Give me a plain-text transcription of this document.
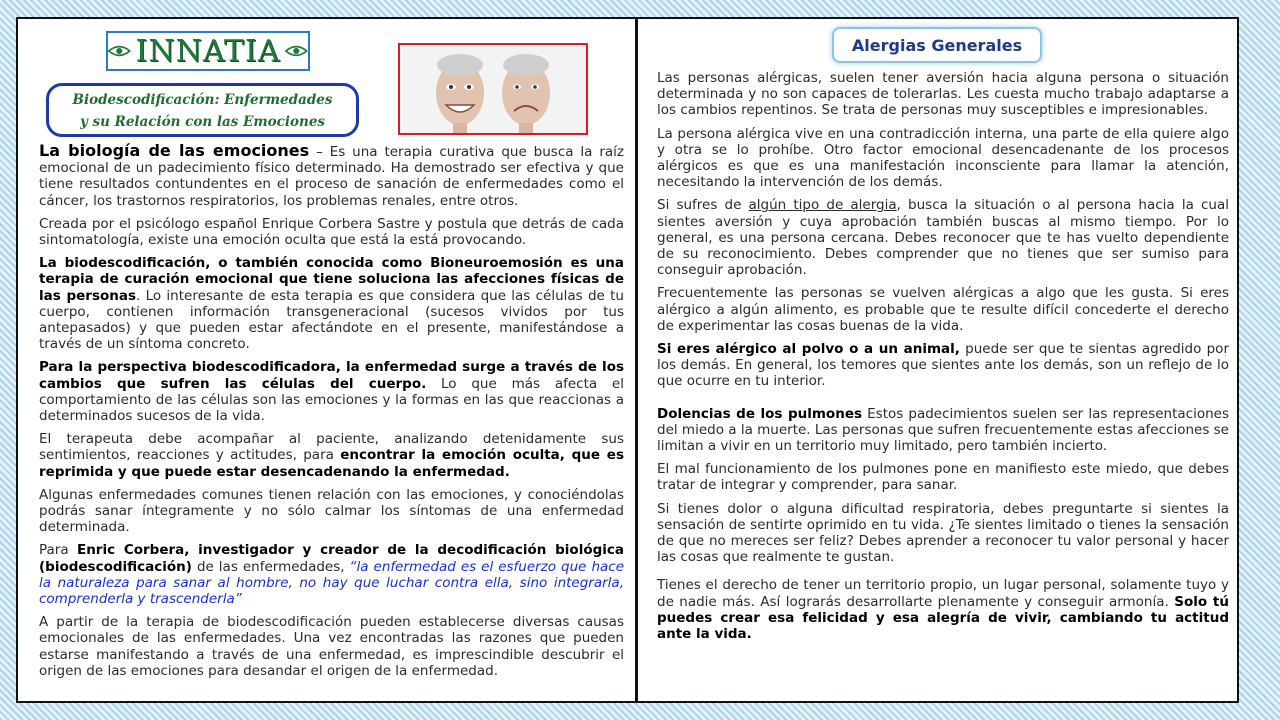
INNATIA
Biodescodificación: Enfermedades
y su Relación con las Emociones

La biología de las emociones – Es una terapia curativa que busca la raíz emocional de un padecimiento físico determinado. Ha demostrado ser efectiva y que tiene resultados contundentes en el proceso de sanación de enfermedades como el cáncer, los trastornos respiratorios, los problemas renales, entre otros.

Creada por el psicólogo español Enrique Corbera Sastre y postula que detrás de cada sintomatología, existe una emoción oculta que está la está provocando.

La biodescodificación, o también conocida como Bioneuroemosión es una terapia de curación emocional que tiene soluciona las afecciones físicas de las personas. Lo interesante de esta terapia es que considera que las células de tu cuerpo, contienen información transgeneracional (sucesos vividos por tus antepasados) y que pueden estar afectándote en el presente, manifestándose a través de un síntoma concreto.

Para la perspectiva biodescodificadora, la enfermedad surge a través de los cambios que sufren las células del cuerpo. Lo que más afecta el comportamiento de las células son las emociones y la formas en las que reaccionas a determinados sucesos de la vida.

El terapeuta debe acompañar al paciente, analizando detenidamente sus sentimientos, reacciones y actitudes, para encontrar la emoción oculta, que es reprimida y que puede estar desencadenando la enfermedad.

Algunas enfermedades comunes tienen relación con las emociones, y conociéndolas podrás sanar íntegramente y no sólo calmar los síntomas de una enfermedad determinada.

Para Enric Corbera, investigador y creador de la decodificación biológica (biodescodificación) de las enfermedades, “la enfermedad es el esfuerzo que hace la naturaleza para sanar al hombre, no hay que luchar contra ella, sino integrarla, comprenderla y trascenderla”

A partir de la terapia de biodescodificación pueden establecerse diversas causas emocionales de las enfermedades. Una vez encontradas las razones que pueden estarse manifestando a través de una enfermedad, es imprescindible descubrir el origen de las emociones para desandar el origen de la enfermedad.

Alergias Generales

Las personas alérgicas, suelen tener aversión hacia alguna persona o situación determinada y no son capaces de tolerarlas. Les cuesta mucho trabajo adaptarse a los cambios repentinos. Se trata de personas muy susceptibles e impresionables.

La persona alérgica vive en una contradicción interna, una parte de ella quiere algo y otra se lo prohíbe. Otro factor emocional desencadenante de los procesos alérgicos es que es una manifestación inconsciente para llamar la atención, necesitando la intervención de los demás.

Si sufres de algún tipo de alergia, busca la situación o al persona hacia la cual sientes aversión y cuya aprobación también buscas al mismo tiempo. Por lo general, es una persona cercana. Debes reconocer que te has vuelto dependiente de su reconocimiento. Debes comprender que no tienes que ser sumiso para conseguir aprobación.

Frecuentemente las personas se vuelven alérgicas a algo que les gusta. Si eres alérgico a algún alimento, es probable que te resulte difícil concederte el derecho de experimentar las cosas buenas de la vida.

Si eres alérgico al polvo o a un animal, puede ser que te sientas agredido por los demás. En general, los temores que sientes ante los demás, son un reflejo de lo que ocurre en tu interior.

Dolencias de los pulmones Estos padecimientos suelen ser las representaciones del miedo a la muerte. Las personas que sufren frecuentemente estas afecciones se limitan a vivir en un territorio muy limitado, pero también incierto.

El mal funcionamiento de los pulmones pone en manifiesto este miedo, que debes tratar de integrar y comprender, para sanar.

Si tienes dolor o alguna dificultad respiratoria, debes preguntarte si sientes la sensación de sentirte oprimido en tu vida. ¿Te sientes limitado o tienes la sensación de que no mereces ser feliz? Debes aprender a reconocer tu valor personal y hacer las cosas que realmente te gustan.

Tienes el derecho de tener un territorio propio, un lugar personal, solamente tuyo y de nadie más. Así lograrás desarrollarte plenamente y conseguir armonía. Solo tú puedes crear esa felicidad y esa alegría de vivir, cambiando tu actitud ante la vida.
